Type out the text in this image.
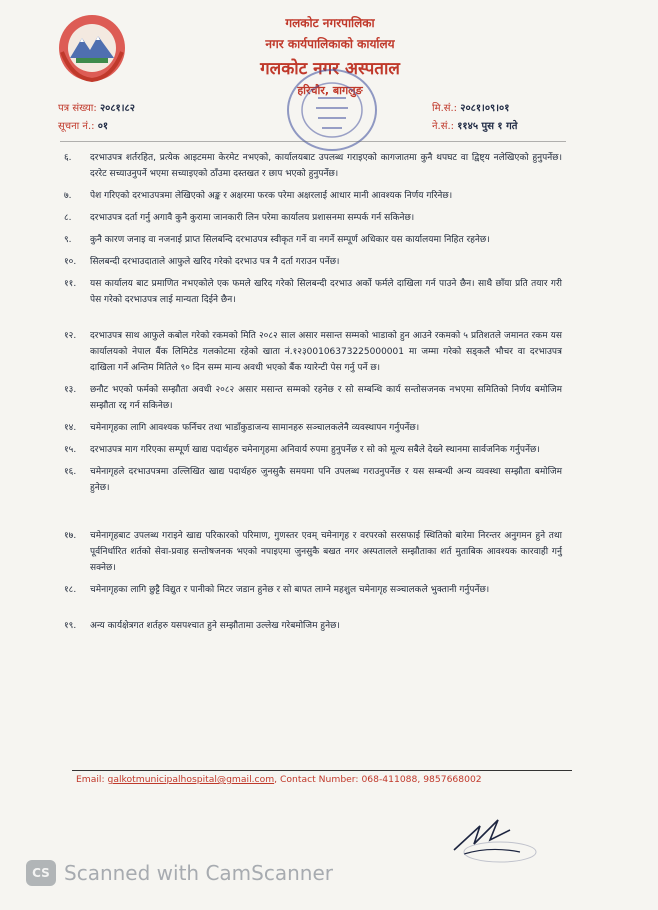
गलकोट नगरपालिका
नगर कार्यपालिकाको कार्यालय
गलकोट नगर अस्पताल
हरिचौर, बागलुङ
पत्र संख्या: २०८१।८२
सूचना नं.: ०१
मि.सं.: २०८१।०९।०१
ने.सं.: ११४५ पुस १ गते
६.	दरभाउपत्र शर्तरहित, प्रत्येक आइटममा केरमेट नभएको, कार्यालयबाट उपलब्ध गराइएको कागजातमा कुनै थपघट वा द्विष्ट्य नलेखिएको हुनुपर्नेछ। दररेट सच्याउनुपर्ने भएमा सच्याइएको ठाँउमा दस्तखत र छाप भएको हुनुपर्नेछ।
७.	पेश गरिएको दरभाउपत्रमा लेखिएको अङ्क र अक्षरमा फरक परेमा अक्षरलाई आधार मानी आवश्यक निर्णय गरिनेछ।
८.	दरभाउपत्र दर्ता गर्नु अगावै कुनै कुरामा जानकारी लिन परेमा कार्यालय प्रशासनमा सम्पर्क गर्न सकिनेछ।
९.	कुनै कारण जनाइ वा नजनाई प्राप्त सिलबन्दि दरभाउपत्र स्वीकृत गर्ने वा नगर्ने सम्पूर्ण अधिकार यस कार्यालयमा निहित रहनेछ।
१०.	सिलबन्दी दरभाउदाताले आफुले खरिद गरेको दरभाउ पत्र नै दर्ता गराउन पर्नेछ।
११.	यस कार्यालय बाट प्रमाणित नभएकोले एक फमले खरिद गरेको सिलबन्दी दरभाउ अर्को फर्मले दाखिला गर्न पाउने छैन। साथै छाँया प्रति तयार गरी पेस गरेको दरभाउपत्र लाई मान्यता दिईने छैन।
१२.	दरभाउपत्र साथ आफुले कबोल गरेको रकमको मिति २०८२ साल असार मसान्त सम्मको भाडाको हुन आउने रकमको ५ प्रतिशतले जमानत रकम यस कार्यालयको नेपाल बैंक लिमिटेड गलकोटमा रहेको खाता नं.१२३00106373225000001 मा जम्मा गरेको सड्कलै भौचर वा दरभाउपत्र दाखिला गर्ने अन्तिम मितिले ९० दिन सम्म मान्य अवधी भएको बैंक ग्यारेन्टी पेस गर्नु पर्ने छ।
१३.	छनौट भएको फर्मको सम्झौता अवधी २०८२ असार मसान्त सम्मको रहनेछ र सो सम्बन्धि कार्य सन्तोसजनक नभएमा समितिको निर्णय बमोजिम सम्झौता रद्द गर्न सकिनेछ।
१४.	चमेनागृहका लागि आवश्यक फर्निचर तथा भाडाँकुडाजन्य सामानहरु सञ्चालकलेनै व्यवस्थापन गर्नुपर्नेछ।
१५.	दरभाउपत्र माग गरिएका सम्पूर्ण खाद्य पदार्थहरु चमेनागृहमा अनिवार्य रुपमा हुनुपर्नेछ र सो को मूल्य सबैले देख्ने स्थानमा सार्वजनिक गर्नुपर्नेछ।
१६.	चमेनागृहले दरभाउपत्रमा उल्लिखित खाद्य पदार्थहरु जुनसुकै समयमा पनि उपलब्ध गराउनुपर्नेछ र यस सम्बन्धी अन्य व्यवस्था सम्झौता बमोजिम हुनेछ।
१७.	चमेनागृहबाट उपलब्ध गराइने खाद्य परिकारको परिमाण, गुणस्तर एवम् चमेनागृह र वरपरको सरसफाई स्थितिको बारेमा निरन्तर अनुगमन हुने तथा पूर्वनिर्धारित शर्तको सेवा-प्रवाह सन्तोषजनक भएको नपाइएमा जुनसुकै बखत नगर अस्पतालले सम्झौताका शर्त मुताबिक आवश्यक कारवाही गर्नु सक्नेछ।
१८.	चमेनागृहका लागि छुट्टै विद्युत र पानीको मिटर जडान हुनेछ र सो बापत लाग्ने महशुल चमेनागृह सञ्चालकले भुक्तानी गर्नुपर्नेछ।
१९.	अन्य कार्यक्षेत्रगत शर्तहरु यसपश्चात हुने सम्झौतामा उल्लेख गरेबमोजिम हुनेछ।
Email: galkotmunicipalhospital@gmail.com, Contact Number: 068-411088, 9857668002
CS Scanned with CamScanner
